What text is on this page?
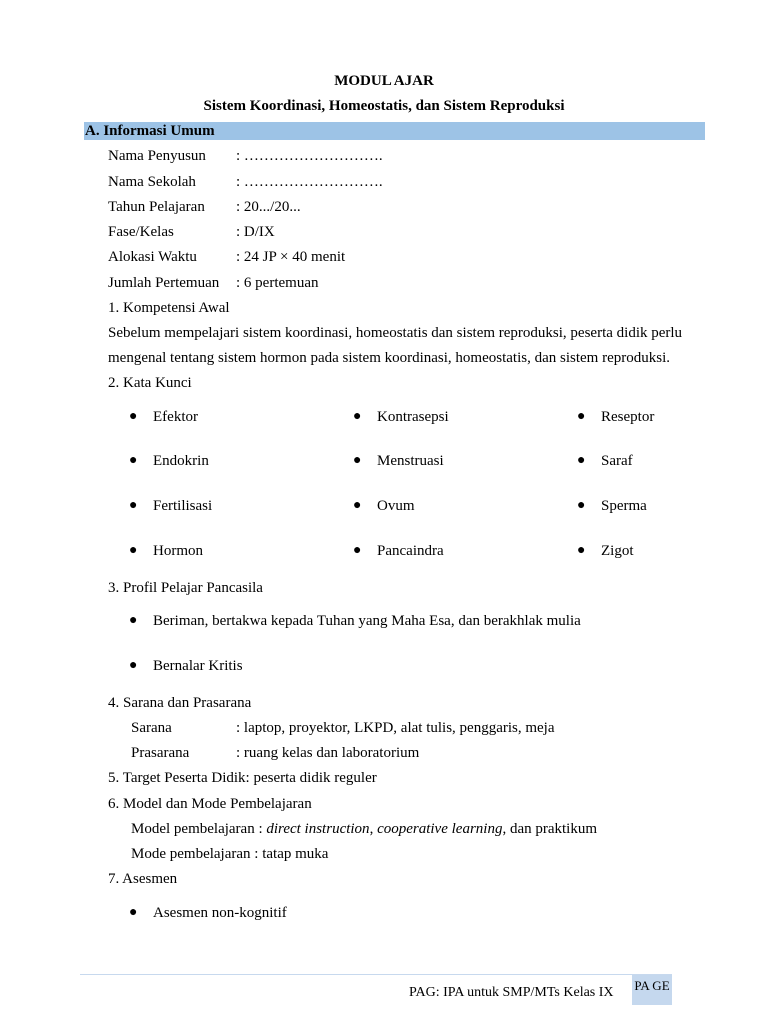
MODUL AJAR
Sistem Koordinasi, Homeostatis, dan Sistem Reproduksi
A. Informasi Umum
Nama Penyusun : ……………………….
Nama Sekolah	: ……………………….
Tahun Pelajaran : 20.../20...
Fase/Kelas	: D/IX
Alokasi Waktu	: 24 JP × 40 menit
Jumlah Pertemuan : 6 pertemuan
1. Kompetensi Awal
Sebelum mempelajari sistem koordinasi, homeostatis dan sistem reproduksi, peserta didik perlu
mengenal tentang sistem hormon pada sistem koordinasi, homeostatis, dan sistem reproduksi.
2. Kata Kunci
● Efektor	● Kontrasepsi	● Reseptor
● Endokrin	● Menstruasi	● Saraf
● Fertilisasi	● Ovum	● Sperma
● Hormon	● Pancaindra	● Zigot
3. Profil Pelajar Pancasila
● Beriman, bertakwa kepada Tuhan yang Maha Esa, dan berakhlak mulia
● Bernalar Kritis
4. Sarana dan Prasarana
Sarana	: laptop, proyektor, LKPD, alat tulis, penggaris, meja
Prasarana	: ruang kelas dan laboratorium
5. Target Peserta Didik: peserta didik reguler
6. Model dan Mode Pembelajaran
Model pembelajaran : direct instruction, cooperative learning, dan praktikum
Mode pembelajaran : tatap muka
7. Asesmen
● Asesmen non-kognitif
PAG: IPA untuk SMP/MTs Kelas IX PA GE
